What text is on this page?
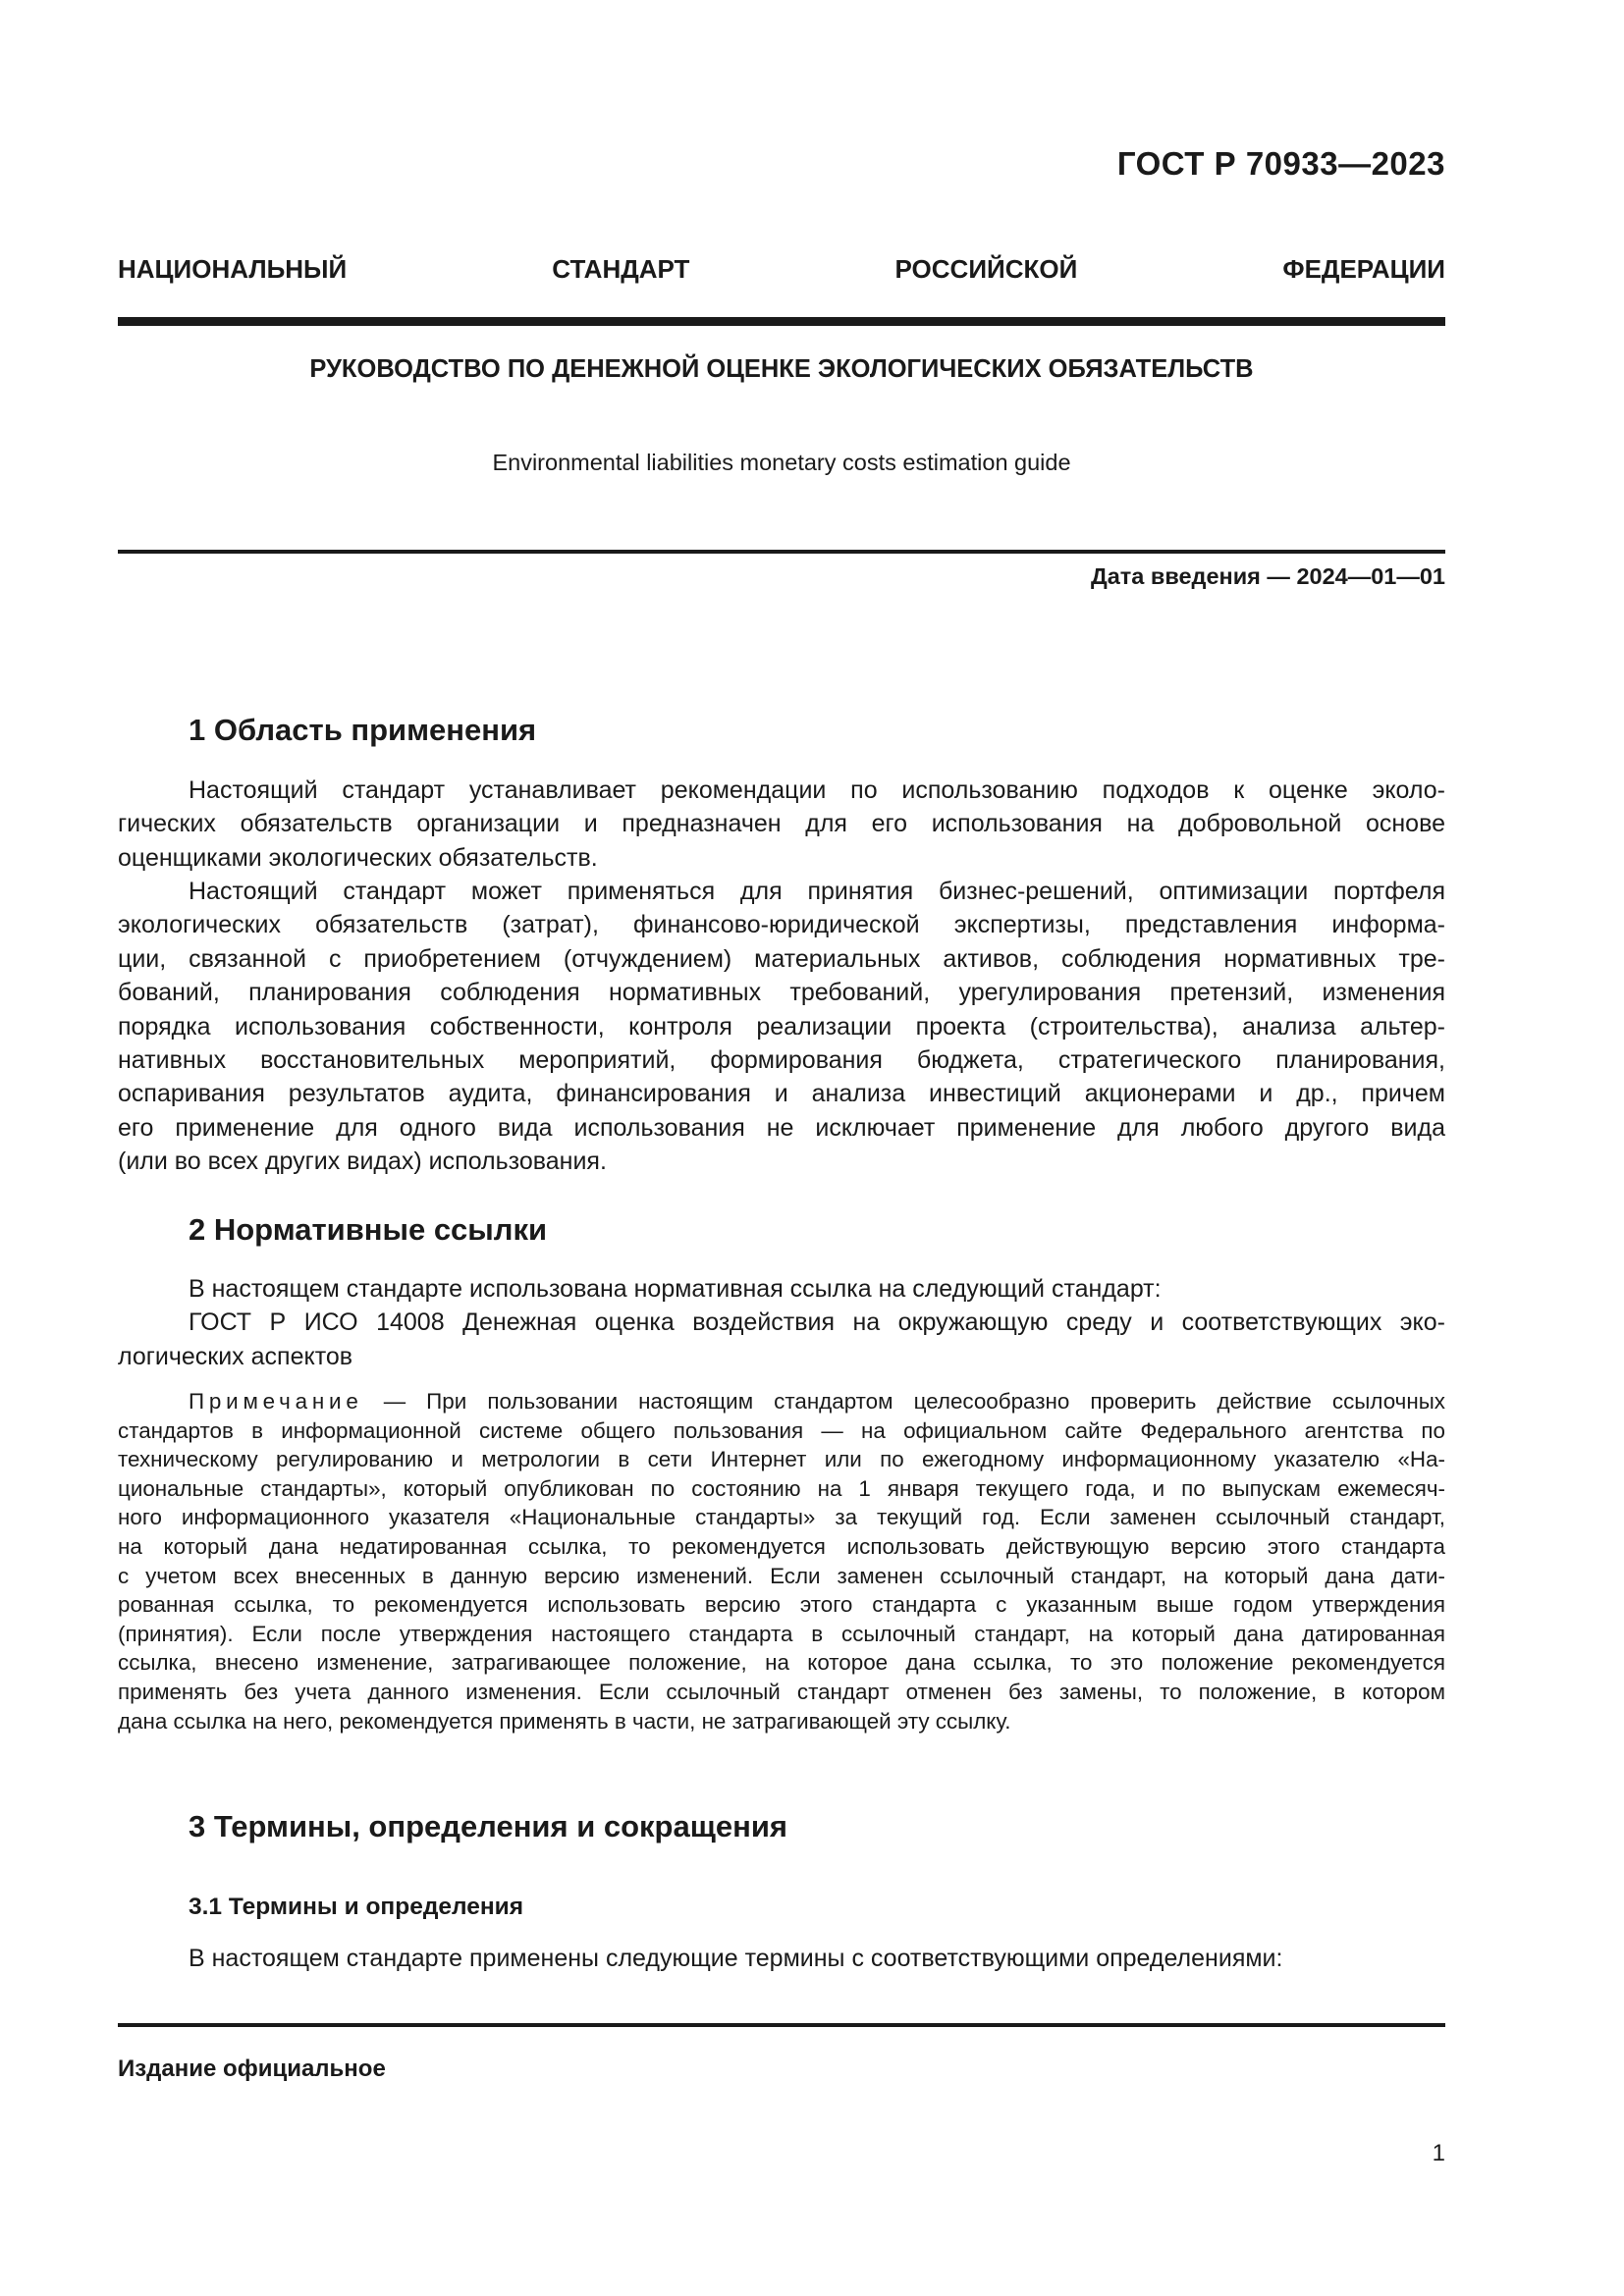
ГОСТ Р 70933—2023
НАЦИОНАЛЬНЫЙ СТАНДАРТ РОССИЙСКОЙ ФЕДЕРАЦИИ
РУКОВОДСТВО ПО ДЕНЕЖНОЙ ОЦЕНКЕ ЭКОЛОГИЧЕСКИХ ОБЯЗАТЕЛЬСТВ
Environmental liabilities monetary costs estimation guide
Дата введения — 2024—01—01
1 Область применения
Настоящий стандарт устанавливает рекомендации по использованию подходов к оценке эколо-
гических обязательств организации и предназначен для его использования на добровольной основе
оценщиками экологических обязательств.
Настоящий стандарт может применяться для принятия бизнес-решений, оптимизации портфеля
экологических обязательств (затрат), финансово-юридической экспертизы, представления информа-
ции, связанной с приобретением (отчуждением) материальных активов, соблюдения нормативных тре-
бований, планирования соблюдения нормативных требований, урегулирования претензий, изменения
порядка использования собственности, контроля реализации проекта (строительства), анализа альтер-
нативных восстановительных мероприятий, формирования бюджета, стратегического планирования,
оспаривания результатов аудита, финансирования и анализа инвестиций акционерами и др., причем
его применение для одного вида использования не исключает применение для любого другого вида
(или во всех других видах) использования.
2 Нормативные ссылки
В настоящем стандарте использована нормативная ссылка на следующий стандарт:
ГОСТ Р ИСО 14008 Денежная оценка воздействия на окружающую среду и соответствующих эко-
логических аспектов
Примечание — При пользовании настоящим стандартом целесообразно проверить действие ссылочных
стандартов в информационной системе общего пользования — на официальном сайте Федерального агентства по
техническому регулированию и метрологии в сети Интернет или по ежегодному информационному указателю «На-
циональные стандарты», который опубликован по состоянию на 1 января текущего года, и по выпускам ежемесяч-
ного информационного указателя «Национальные стандарты» за текущий год. Если заменен ссылочный стандарт,
на который дана недатированная ссылка, то рекомендуется использовать действующую версию этого стандарта
с учетом всех внесенных в данную версию изменений. Если заменен ссылочный стандарт, на который дана дати-
рованная ссылка, то рекомендуется использовать версию этого стандарта с указанным выше годом утверждения
(принятия). Если после утверждения настоящего стандарта в ссылочный стандарт, на который дана датированная
ссылка, внесено изменение, затрагивающее положение, на которое дана ссылка, то это положение рекомендуется
применять без учета данного изменения. Если ссылочный стандарт отменен без замены, то положение, в котором
дана ссылка на него, рекомендуется применять в части, не затрагивающей эту ссылку.
3 Термины, определения и сокращения
3.1 Термины и определения
В настоящем стандарте применены следующие термины с соответствующими определениями:
Издание официальное
1
